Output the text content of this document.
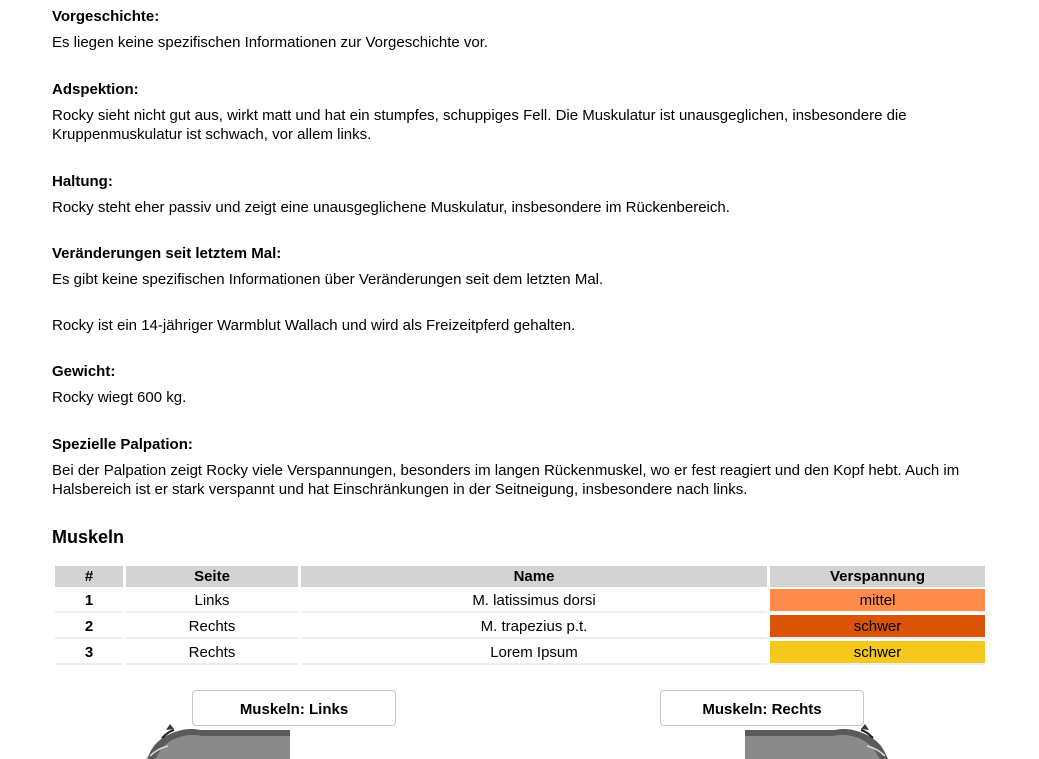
Vorgeschichte:

Es liegen keine spezifischen Informationen zur Vorgeschichte vor.

Adspektion:

Rocky sieht nicht gut aus, wirkt matt und hat ein stumpfes, schuppiges Fell. Die Muskulatur ist unausgeglichen, insbesondere die Kruppenmuskulatur ist schwach, vor allem links.

Haltung:

Rocky steht eher passiv und zeigt eine unausgeglichene Muskulatur, insbesondere im Rückenbereich.

Veränderungen seit letztem Mal:

Es gibt keine spezifischen Informationen über Veränderungen seit dem letzten Mal.

Rocky ist ein 14-jähriger Warmblut Wallach und wird als Freizeitpferd gehalten.

Gewicht:

Rocky wiegt 600 kg.

Spezielle Palpation:

Bei der Palpation zeigt Rocky viele Verspannungen, besonders im langen Rückenmuskel, wo er fest reagiert und den Kopf hebt. Auch im Halsbereich ist er stark verspannt und hat Einschränkungen in der Seitneigung, insbesondere nach links.

Muskeln
#	Seite	Name	Verspannung
1	Links	M. latissimus dorsi	mittel
2	Rechts	M. trapezius p.t.	schwer
3	Rechts	Lorem Ipsum	schwer
Muskeln: Links	Muskeln: Rechts
